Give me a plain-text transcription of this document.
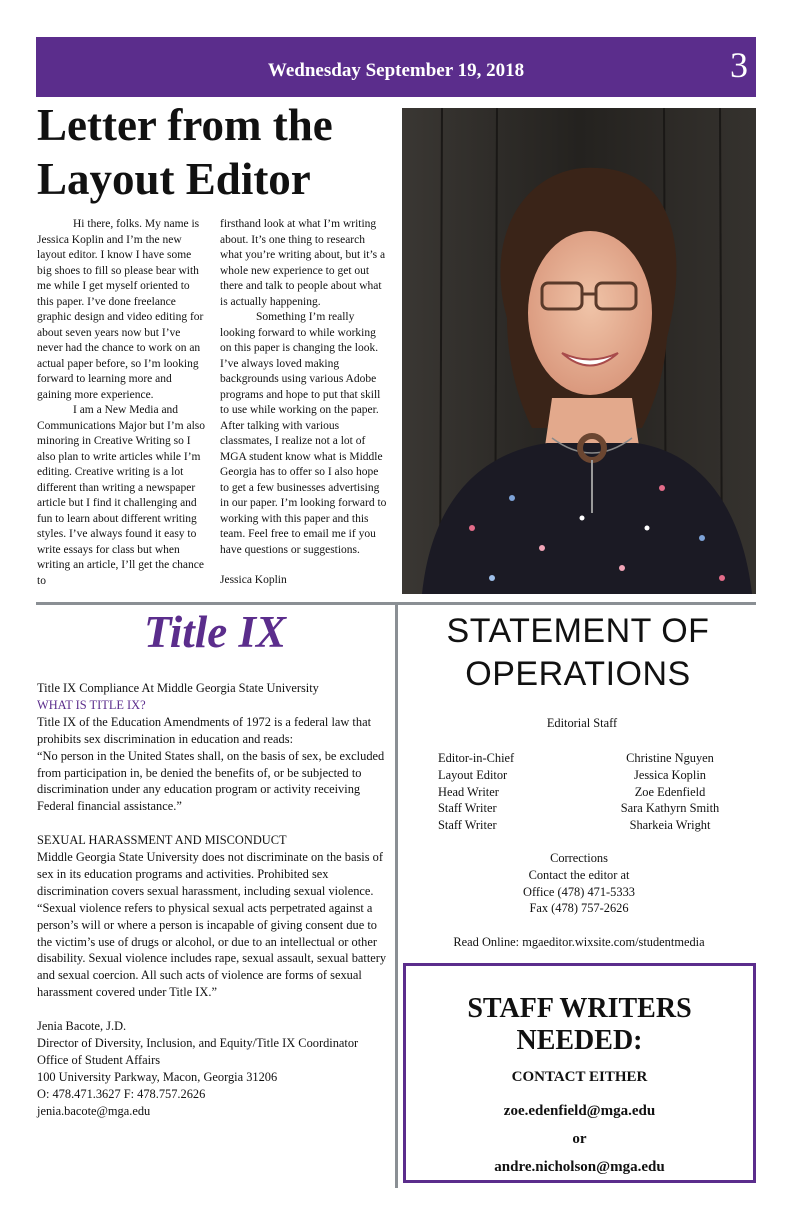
Wednesday September 19, 2018	3
Letter from the Layout Editor

Hi there, folks. My name is Jessica Koplin and I’m the new layout editor. I know I have some big shoes to fill so please bear with me while I get myself oriented to this paper. I’ve done freelance graphic design and video editing for about seven years now but I’ve never had the chance to work on an actual paper before, so I’m looking forward to learning more and gaining more experience.

I am a New Media and Communications Major but I’m also minoring in Creative Writing so I also plan to write articles while I’m editing. Creative writing is a lot different than writing a newspaper article but I find it challenging and fun to learn about different writing styles. I’ve always found it easy to write essays for class but when writing an article, I’ll get the chance to

firsthand look at what I’m writing about. It’s one thing to research what you’re writing about, but it’s a whole new experience to get out there and talk to people about what is actually happening.

Something I’m really looking forward to while working on this paper is changing the look. I’ve always loved making backgrounds using various Adobe programs and hope to put that skill to use while working on the paper. After talking with various classmates, I realize not a lot of MGA student know what is Middle Georgia has to offer so I also hope to get a few businesses advertising in our paper. I’m looking forward to working with this paper and this team. Feel free to email me if you have questions or suggestions.

Jessica Koplin

Title IX

Title IX Compliance At Middle Georgia State University

WHAT IS TITLE IX?

Title IX of the Education Amendments of 1972 is a federal law that prohibits sex discrimination in education and reads:

“No person in the United States shall, on the basis of sex, be excluded from participation in, be denied the benefits of, or be subjected to discrimination under any education program or activity receiving Federal financial assistance.”

SEXUAL HARASSMENT AND MISCONDUCT

Middle Georgia State University does not discriminate on the basis of sex in its education programs and activities. Prohibited sex discrimination covers sexual harassment, including sexual violence.

“Sexual violence refers to physical sexual acts perpetrated against a person’s will or where a person is incapable of giving consent due to the victim’s use of drugs or alcohol, or due to an intellectual or other disability. Sexual violence includes rape, sexual assault, sexual battery and sexual coercion. All such acts of violence are forms of sexual harassment covered under Title IX.”

Jenia Bacote, J.D.

Director of Diversity, Inclusion, and Equity/Title IX Coordinator

Office of Student Affairs

100 University Parkway, Macon, Georgia 31206

O: 478.471.3627 F: 478.757.2626

jenia.bacote@mga.edu

STATEMENT OF
OPERATIONS
Editorial Staff
Editor-in-Chief
Layout Editor
Head Writer
Staff Writer
Staff Writer
Christine Nguyen
Jessica Koplin
Zoe Edenfield
Sara Kathyrn Smith
Sharkeia Wright
Corrections
Contact the editor at
Office (478) 471-5333
Fax (478) 757-2626
Read Online: mgaeditor.wixsite.com/studentmedia
STAFF WRITERS
NEEDED:
CONTACT EITHER
zoe.edenfield@mga.edu
or
andre.nicholson@mga.edu
